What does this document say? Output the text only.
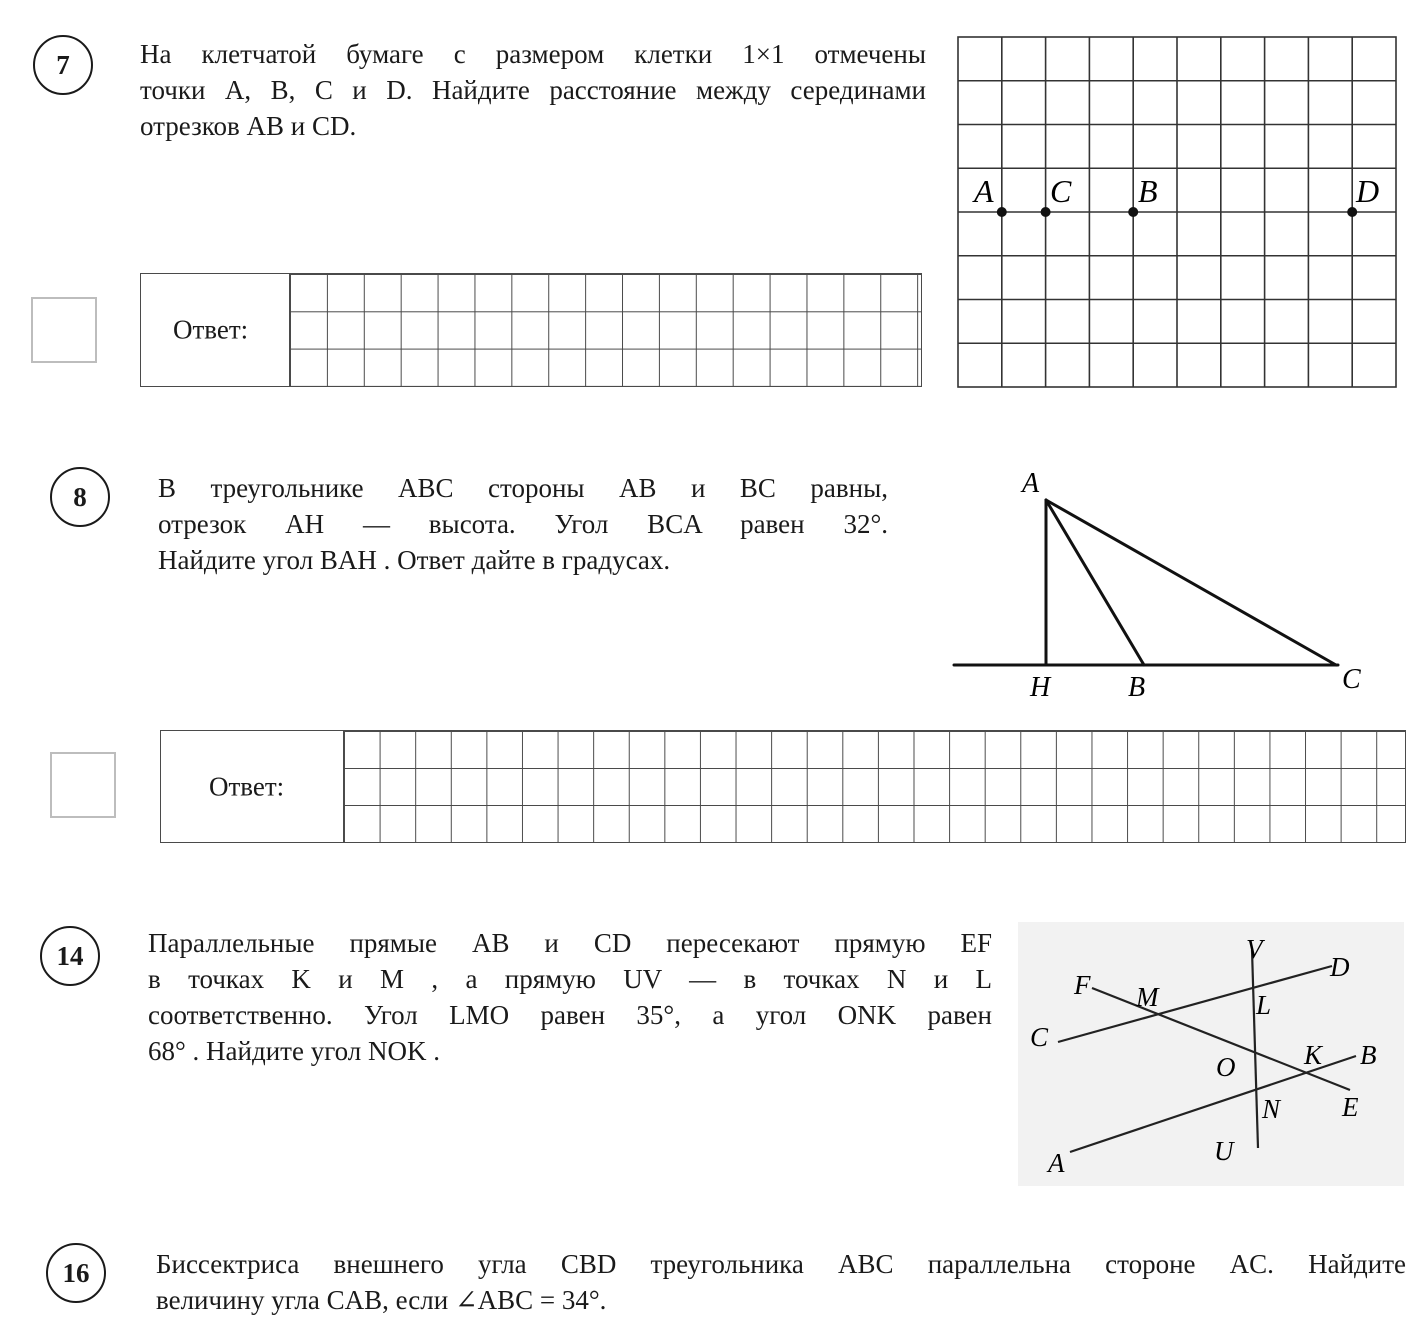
7	На клетчатой бумаге с размером клетки 1×1 отмечены
точки A, B, C и D. Найдите расстояние между серединами
отрезков AB и CD.
Ответ:
A C B	D
8	В треугольнике ABC стороны AB и BC равны,
отрезок AH — высота. Угол BCA равен 32°.
Найдите угол BAH . Ответ дайте в градусах.
A
H	B	C
Ответ:
14 Параллельные прямые AB и CD пересекают прямую EF
в точках K и M , а прямую UV — в точках N и L
соответственно. Угол LMO равен 35°, а угол ONK равен
68° . Найдите угол NOK .
V
D
F M	L
C
O	K B
N E
U
A
16 Биссектриса внешнего угла CBD треугольника ABC параллельна стороне AC. Найдите
величину угла CAB, если ∠ABC = 34°.
